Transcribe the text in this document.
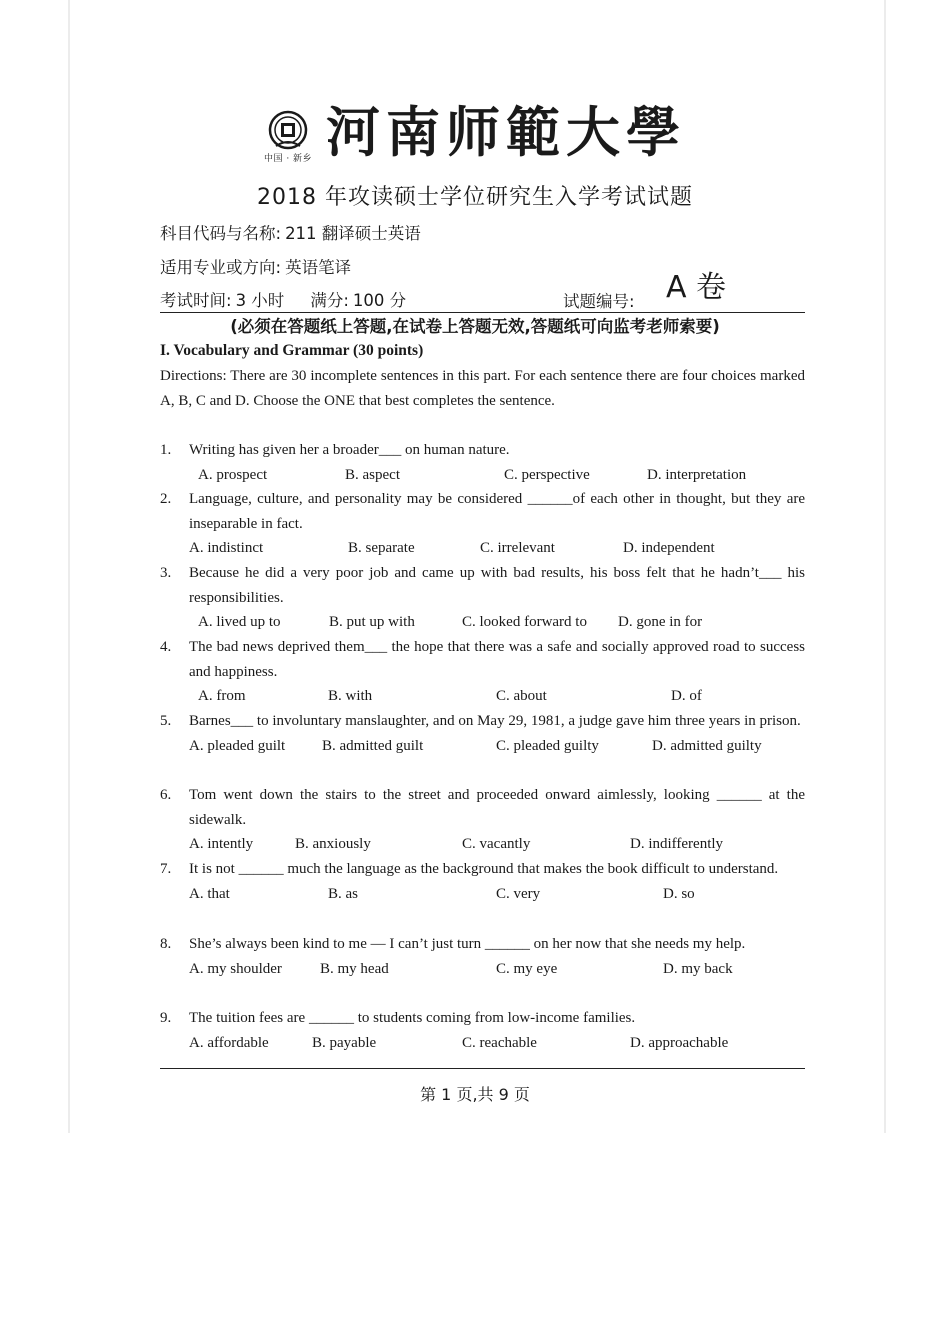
中国 · 新乡 河南师範大學
2018 年攻读硕士学位研究生入学考试试题
科目代码与名称: 211 翻译硕士英语
适用专业或方向: 英语笔译
考试时间: 3 小时 满分: 100 分	试题编号: A 卷
(必须在答题纸上答题,在试卷上答题无效,答题纸可向监考老师索要)
I. Vocabulary and Grammar (30 points)
Directions: There are 30 incomplete sentences in this part. For each sentence there are four choices marked A, B, C and D. Choose the ONE that best completes the sentence.
1. Writing has given her a broader___ on human nature.
A. prospect	B. aspect	C. perspective	D. interpretation
2. Language, culture, and personality may be considered ______of each other in thought, but they are inseparable in fact.
A. indistinct	B. separate	C. irrelevant	D. independent
3. Because he did a very poor job and came up with bad results, his boss felt that he hadn’t___ his responsibilities.
A. lived up to	B. put up with	C. looked forward to D. gone in for
4. The bad news deprived them___ the hope that there was a safe and socially approved road to success and happiness.
A. from	B. with	C. about	D. of
5. Barnes___ to involuntary manslaughter, and on May 29, 1981, a judge gave him three years in prison.
A. pleaded guilt B. admitted guilt	C. pleaded guilty	D. admitted guilty
6. Tom went down the stairs to the street and proceeded onward aimlessly, looking ______ at the sidewalk.
A. intently	B. anxiously	C. vacantly	D. indifferently
7. It is not ______ much the language as the background that makes the book difficult to understand.
A. that	B. as	C. very	D. so
8. She’s always been kind to me — I can’t just turn ______ on her now that she needs my help.
A. my shoulder	B. my head	C. my eye	D. my back
9. The tuition fees are ______ to students coming from low-income families.
A. affordable	B. payable	C. reachable	D. approachable
第 1 页,共 9 页
